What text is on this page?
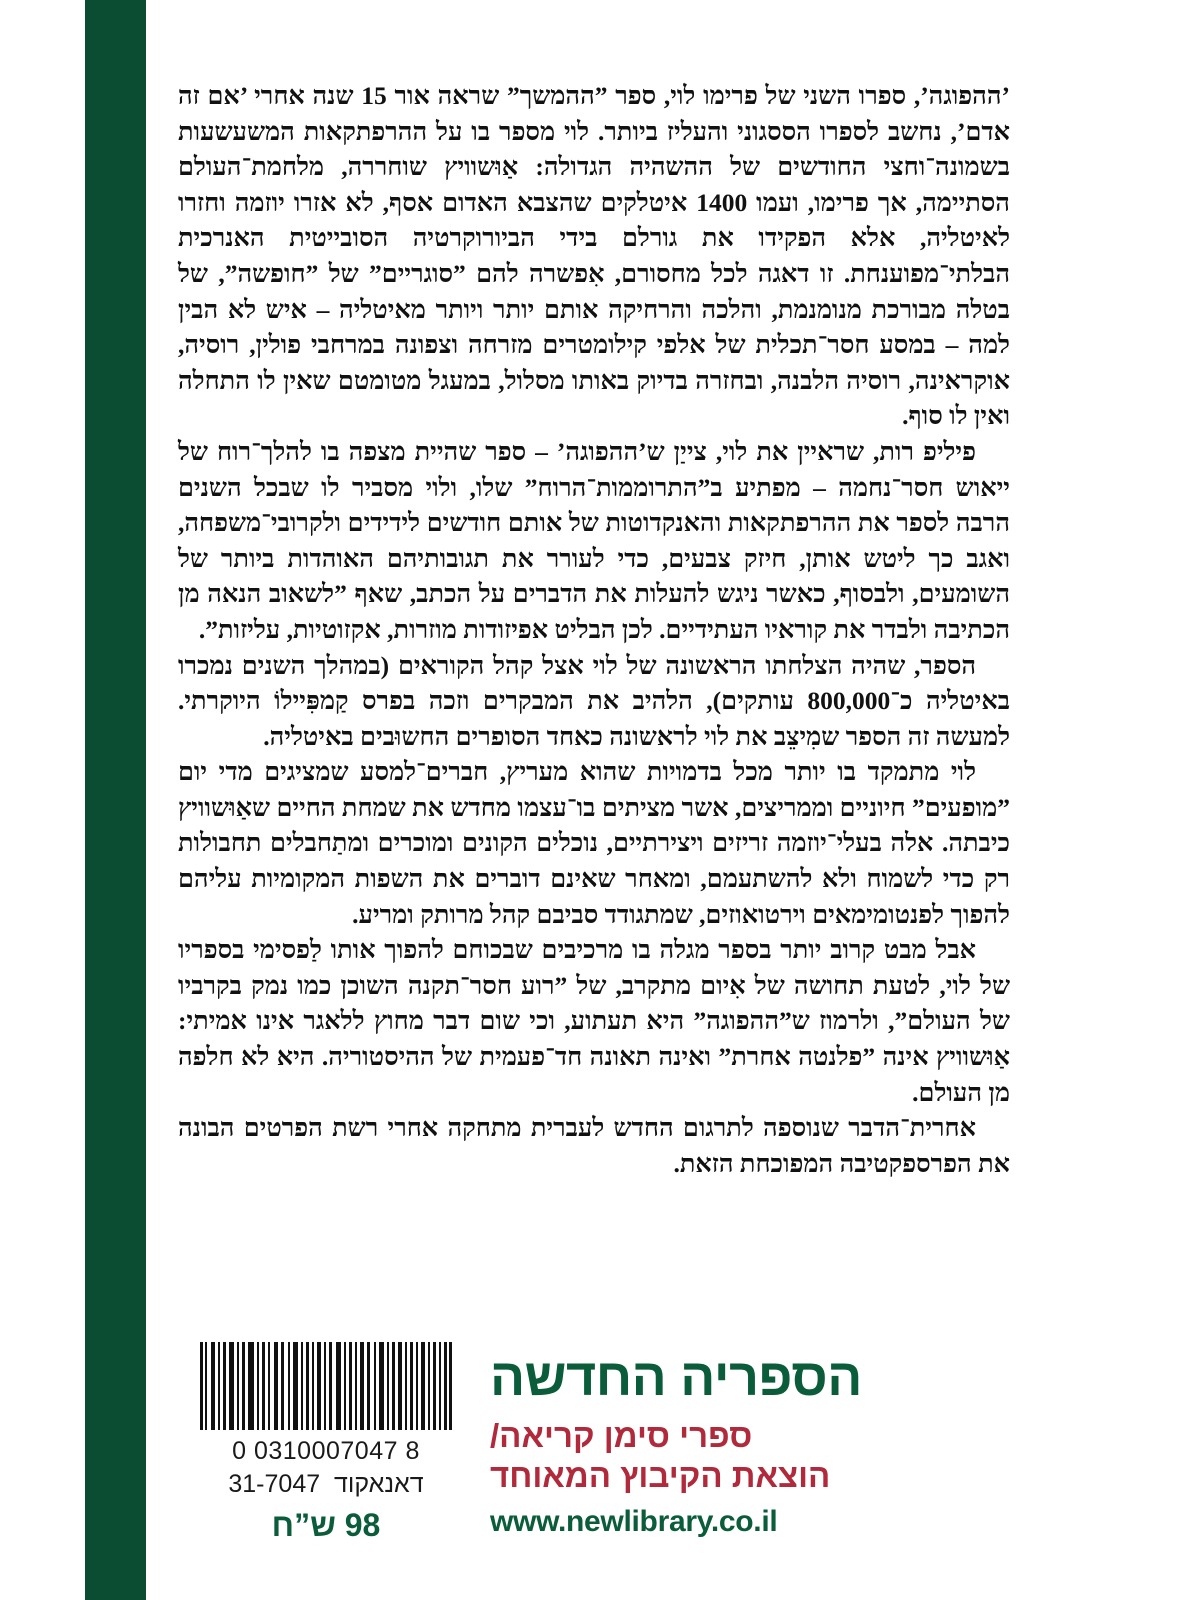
’ההפוגה’, ספרו השני של פרימו לוי, ספר ”ההמשך” שראה אור 15 שנה אחרי ’אם זה אדם’, נחשב לספרו הססגוני והעליז ביותר. לוי מספר בו על ההרפתקאות המשעשעות בשמונה־וחצי החודשים של ההשהיה הגדולה: אַוּשוויץ שוחררה, מלחמת־העולם הסתיימה, אך פרימו, ועמו 1400 איטלקים שהצבא האדום אסף, לא אזרו יוזמה וחזרו לאיטליה, אלא הפקידו את גורלם בידי הביורוקרטיה הסובייטית האנרכית הבלתי־מפוענחת. זו דאגה לכל מחסורם, אִפשרה להם ”סוגריים” של ”חופשה”, של בטלה מבורכת מנומנמת, והלכה והרחיקה אותם יותר ויותר מאיטליה – איש לא הבין למה – במסע חסר־תכלית של אלפי קילומטרים מזרחה וצפונה במרחבי פולין, רוסיה, אוקראינה, רוסיה הלבנה, ובחזרה בדיוק באותו מסלול, במעגל מטומטם שאין לו התחלה ואין לו סוף.

פיליפ רות, שראיין את לוי, צייַן ש’ההפוגה’ – ספר שהיית מצפה בו להלך־רוח של ייאוש חסר־נחמה – מפתיע ב”התרוממות־הרוח” שלו, ולוי מסביר לו שבכל השנים הרבה לספר את ההרפתקאות והאנקדוטות של אותם חודשים לידידים ולקרובי־משפחה, ואגב כך ליטש אותן, חיזק צבעים, כדי לעורר את תגובותיהם האוהדות ביותר של השומעים, ולבסוף, כאשר ניגש להעלות את הדברים על הכתב, שאף ”לשאוב הנאה מן הכתיבה ולבדר את קוראיו העתידיים. לכן הבליט אפיזודות מוזרות, אקזוטיות, עליזות”.

הספר, שהיה הצלחתו הראשונה של לוי אצל קהל הקוראים (במהלך השנים נמכרו באיטליה כ־800,000 עותקים), הלהיב את המבקרים וזכה בפרס קַמפִּיילוֹ היוקרתי. למעשה זה הספר שמִיצֵב את לוי לראשונה כאחד הסופרים החשוּבים באיטליה.

לוי מתמקד בו יותר מכל בדמויות שהוא מעריץ, חברים־למסע שמציגים מדי יום ”מופעים” חיוניים וממריצים, אשר מציתים בו־עצמו מחדש את שמחת החיים שאַוּשוויץ כיבתה. אלה בעלי־יוזמה זריזים ויצירתיים, נוכלים הקונים ומוכרים ומתַחבלים תחבולות רק כדי לשמוח ולא להשתעמם, ומאחר שאינם דוברים את השפות המקומיות עליהם להפוך לפנטומימאים וירטואוזים, שמתגודד סביבם קהל מרותק ומריע.

אבל מבט קרוב יותר בספר מגלה בו מרכיבים שבכוחם להפוך אותו לַפסימי בספריו של לוי, לטעת תחושה של אִיום מתקרב, של ”רוע חסר־תקנה השוכן כמו נמק בקרביו של העולם”, ולרמוז ש”ההפוגה” היא תעתוע, וכי שום דבר מחוץ ללאגר אינו אמיתי: אַוּשוויץ אינה ”פלנטה אחרת” ואינה תאונה חד־פעמית של ההיסטוריה. היא לא חלפה מן העולם.

אחרית־הדבר שנוספה לתרגום החדש לעברית מתחקה אחרי רשת הפרטים הבונה את הפרספקטיבה המפוכחת הזאת.

0 0310007047 8
דאנאקוד  31-7047
98 ש”ח
הספריה החדשה
ספרי סימן קריאה/
הוצאת הקיבוץ המאוחד
www.newlibrary.co.il
